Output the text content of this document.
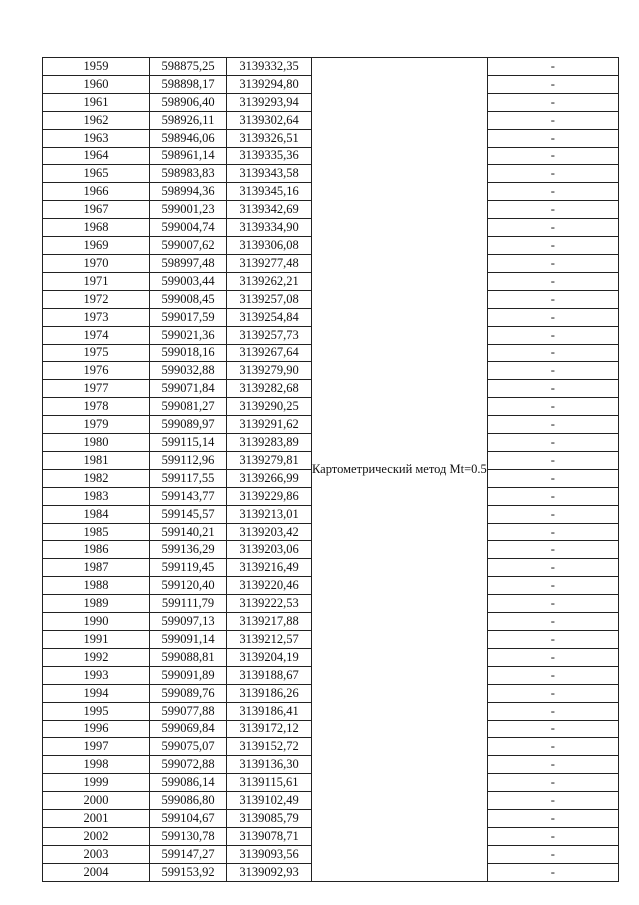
1959	598875,25	3139332,35	Картометрический метод Mt=0.5	-
1960	598898,17	3139294,80		-
1961	598906,40	3139293,94		-
1962	598926,11	3139302,64		-
1963	598946,06	3139326,51		-
1964	598961,14	3139335,36		-
1965	598983,83	3139343,58		-
1966	598994,36	3139345,16		-
1967	599001,23	3139342,69		-
1968	599004,74	3139334,90		-
1969	599007,62	3139306,08		-
1970	598997,48	3139277,48		-
1971	599003,44	3139262,21		-
1972	599008,45	3139257,08		-
1973	599017,59	3139254,84		-
1974	599021,36	3139257,73		-
1975	599018,16	3139267,64		-
1976	599032,88	3139279,90		-
1977	599071,84	3139282,68		-
1978	599081,27	3139290,25		-
1979	599089,97	3139291,62		-
1980	599115,14	3139283,89		-
1981	599112,96	3139279,81		-
1982	599117,55	3139266,99		-
1983	599143,77	3139229,86		-
1984	599145,57	3139213,01		-
1985	599140,21	3139203,42		-
1986	599136,29	3139203,06		-
1987	599119,45	3139216,49		-
1988	599120,40	3139220,46		-
1989	599111,79	3139222,53		-
1990	599097,13	3139217,88		-
1991	599091,14	3139212,57		-
1992	599088,81	3139204,19		-
1993	599091,89	3139188,67		-
1994	599089,76	3139186,26		-
1995	599077,88	3139186,41		-
1996	599069,84	3139172,12		-
1997	599075,07	3139152,72		-
1998	599072,88	3139136,30		-
1999	599086,14	3139115,61		-
2000	599086,80	3139102,49		-
2001	599104,67	3139085,79		-
2002	599130,78	3139078,71		-
2003	599147,27	3139093,56		-
2004	599153,92	3139092,93		-
